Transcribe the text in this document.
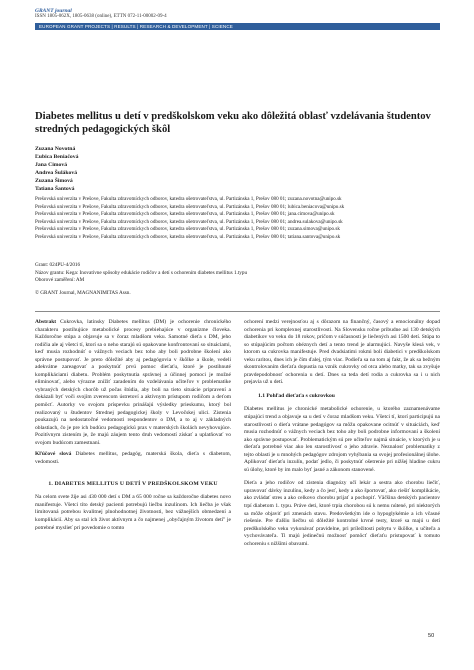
GRANT journal
ISSN 1805-062X, 1805-0638 (online), ETTN 072-11-00002-09-4
EUROPEAN GRANT PROJECTS | RESULTS | RESEARCH & DEVELOPMENT | SCIENCE
Diabetes mellitus u detí v predškolskom veku ako dôležitá oblasť vzdelávania študentov stredných pedagogických škôl
Zuzana Novotná
Ľubica Beniačová
Jana Cimová
Andrea Šuláková
Zuzana Šimová
Tatiana Šantová
Prešovská univerzita v Prešove, Fakulta zdravotníckych odborov, katedra ošetrovateľstva, ul. Partizánska 1, Prešov 080 01; zuzana.novotna@unipo.sk
Prešovská univerzita v Prešove, Fakulta zdravotníckych odborov, katedra ošetrovateľstva, ul. Partizánska 1, Prešov 080 01; lubica.beniacova@unipo.sk
Prešovská univerzita v Prešove, Fakulta zdravotníckych odborov, katedra ošetrovateľstva, ul. Partizánska 1, Prešov 080 01; jana.cimova@unipo.sk
Prešovská univerzita v Prešove, Fakulta zdravotníckych odborov, katedra ošetrovateľstva, ul. Partizánska 1, Prešov 080 01; andrea.sulakova@unipo.sk
Prešovská univerzita v Prešove, Fakulta zdravotníckych odborov, katedra ošetrovateľstva, ul. Partizánska 1, Prešov 080 01; zuzana.simova@unipo.sk
Prešovská univerzita v Prešove, Fakulta zdravotníckych odborov, katedra ošetrovateľstva, ul. Partizánska 1, Prešov 080 01; tatiana.santova@unipo.sk
Grant: 024PU-4/2016
Názov grantu: Kega: Inovatívne spôsoby edukácie rodičov a detí s ochorením diabetes mellitus 1.typu
Oborové zaměření: AM
© GRANT Journal, MAGNANIMITAS Assn.

Abstrakt Cukrovka, latinsky Diabetes mellitus (DM) je ochorenie chronického charakteru postihujúce metabolické procesy prebiehajúce v organizme človeka. Každoročne stúpa a objavuje sa v čoraz mladšom veku. Samotné dieťa s DM, jeho rodičia ale aj všetci tí, ktorí sa o neho starajú sú opakovane konfrontovaní so situáciami, keď musia rozhodnúť o vážnych veciach bez toho aby boli podrobne školení ako správne postupovať. Je preto dôležité aby aj pedagógovia v škôlke a škole, vedeli adekvátne zareagovať a poskytnúť prvú pomoc dieťaťu, ktoré je postihnuté komplikáciami diabetu. Problém poskytnutia správnej a účinnej pomoci je možné eliminovať, alebo výrazne znížiť zaradením do vzdelávania učiteľov v problematike vybraných detských chorôb už počas štúdia, aby boli na tieto situácie pripravení a dokázali byť voči svojím zverencom ústretoví a aktívnym prístupom rodičom a deťom pomôcť. Autorky vo svojom príspevku prinášajú výsledky prieskumu, ktorý bol realizovaný u študentov Strednej pedagogickej školy v Levočskej ulici. Zistenia poukazujú na nedostatočné vedomosti respondentov o DM, a to aj v základných oblastiach, čo je pre ich budúcu pedagogickú prax v materských školách nevyhovujúce. Pozitívnym zistením je, že majú záujem tento druh vedomostí získať a uplatňovať vo svojom budúcom zamestnaní.

Kľúčové slová Diabetes mellitus, pedagóg, materská škola, dieťa s diabetom, vedomosti.

1. DIABETES MELLITUS U DETÍ V PREDŠKOLSKOM VEKU

Na celom svete žije asi 430 000 detí s DM a 65 000 ročne sa každoročne diabetes novo manifestuje. Všetci títo detský pacienti potrebujú liečbu inzulínom. Ich liečba je však limitovaná potrebou kvalitnej plnohodnotnej životnosti, bez vážnejších obmedzení a komplikácií. Aby sa stal ich život aktívnym a čo najmenej „obyčajným životom detí" je potrebné myslieť pri povedomie o tomto

ochorení medzi verejnosťou aj s dôrazom na finančný, časový a emocionálny dopad ochorenia pri komplexnej starostlivosti. Na Slovensku ročne pribudne asi 130 detských diabetikov vo veku do 18 rokov, pričom v súčasnosti je liečených asi 1500 detí. Stúpa to so stúpajúcim počtom obéznych detí a tento trend je alarmujúci. Navyše klesá vek, v ktorom sa cukrovka manifestuje. Pred dvadsiatimi rokmi boli diabetici v predškolskom veku raritou, dnes ich je čím ďalej, tým viac. Podieľa sa na tom aj fakt, že ak sa bežným skontrolovaním dieťaťa dopustia na vznik cukrovky od otca alebo matky, tak sa zvyšuje pravdepodobnosť ochorenia u detí. Dnes sa teda detí rodia a cukrovka sa i u nich prejavia už u detí.

1.1 Pohľad dieťaťa s cukrovkou

Diabetes mellitus je chronické metabolické ochorenie, u ktorého zaznamenávame stúpajúci trend a objavuje sa u detí v čoraz mladšom veku. Všetci tí, ktorí participujú na starostlivosti o dieťa vrátane pedagógov sa môžu opakovane ocitnúť v situáciách, keď musia rozhodnúť o vážnych veciach bez toho aby boli podrobne informovaní a školení ako správne postupovať. Problematickým sú pre učiteľov najmä situácie, v ktorých je u dieťaťa potrebné viac ako len starostlivosť o jeho zdravie. Neznalosť problematiky z tejto oblasti je u mnohých pedagógov zdrojom vyhýbania sa svojej profesionálnej úlohe. Aplikovať dieťaťu inzulín, podať jedlo, či poskytnúť ošetrenie pri nižšej hladine cukru sú úlohy, ktoré by im malo byť jasné a zákonom stanovené.

Dieťa a jeho rodičov od zistenia diagnózy učí lekár a sestra ako chorobu liečiť, upravovať dávky inzulínu, kedy a čo jesť, kedy a ako športovať, ako riešiť komplikácie, ako zvládať stres a ako celkovo chorobu prijať a pochopiť. Väčšina detských pacientov trpí diabetom 1. typu. Práve deti, ktoré trpia chorobou sú k nemu nútené, pri niektorých sa môže objaviť pri zmenách stavu. Predovšetkým ide o hypoglykémie a ich včasné riešenie. Pre ďalšiu liečbu sú dôležité kontrolné krvné testy, ktoré sa majú u detí predškolského veku vykonávať pravidelne, pri príležitosti pobytu v škôlke, u učiteľa a vychovávateľa. Ti majú jedinečnú možnosť pomôcť dieťaťu pristupovať k tomuto ochoreniu s nižšími obavami.

50
